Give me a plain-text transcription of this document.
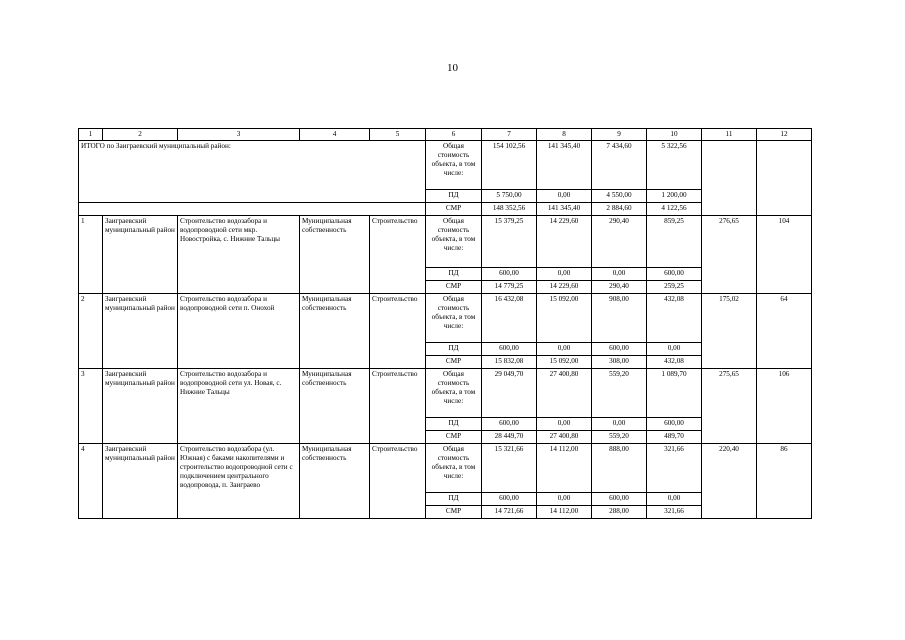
10
1	2	3	4	5	6	7	8	9	10	11	12
ИТОГО по Заиграевский муниципальный район:					Общая стоимость объекта, в том числе:	154 102,56	141 345,40	7 434,60	5 322,56		
					ПД	5 750,00	0,00	4 550,00	1 200,00		
					СМР	148 352,56	141 345,40	2 884,60	4 122,56		
1	Заиграевский муниципальный район	Строительство водозабора и водопроводной сети мкр. Новостройка, с. Нижние Тальцы	Муниципальная собственность	Строительство	Общая стоимость объекта, в том числе:	15 379,25	14 229,60	290,40	859,25	276,65	104
					ПД	600,00	0,00	0,00	600,00		
					СМР	14 779,25	14 229,60	290,40	259,25		
2	Заиграевский муниципальный район	Строительство водозабора и водопроводной сети п. Онохой	Муниципальная собственность	Строительство	Общая стоимость объекта, в том числе:	16 432,08	15 092,00	908,00	432,08	175,02	64
					ПД	600,00	0,00	600,00	0,00		
					СМР	15 832,08	15 092,00	308,00	432,08		
3	Заиграевский муниципальный район	Строительство водозабора и водопроводной сети ул. Новая, с. Нижние Тальцы	Муниципальная собственность	Строительство	Общая стоимость объекта, в том числе:	29 049,70	27 400,80	559,20	1 089,70	275,65	106
					ПД	600,00	0,00	0,00	600,00		
					СМР	28 449,70	27 400,80	559,20	489,70		
4	Заиграевский муниципальный район	Строительство водозабора (ул. Южная) с баками накопителями и строительство водопроводной сети с подключением центрального водопровода, п. Заиграево	Муниципальная собственность	Строительство	Общая стоимость объекта, в том числе:	15 321,66	14 112,00	888,00	321,66	220,40	86
					ПД	600,00	0,00	600,00	0,00		
					СМР	14 721,66	14 112,00	288,00	321,66		
